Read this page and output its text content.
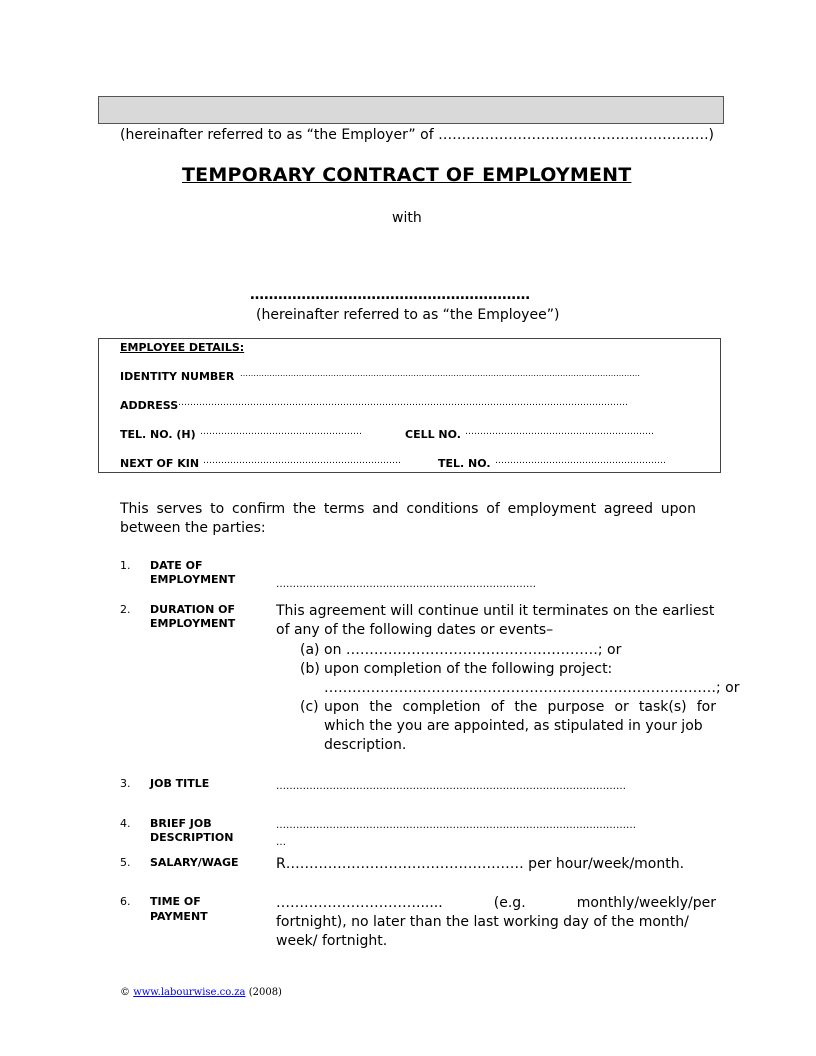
(hereinafter referred to as “the Employer” of ………………………………………………….)
TEMPORARY CONTRACT OF EMPLOYMENT
with
……………………………………………………
(hereinafter referred to as “the Employee”)
EMPLOYEE DETAILS:
IDENTITY NUMBER ……………………………………………………………………………………………………………………………………
ADDRESS ……………………………………………………………………………………………………………………………………
TEL. NO. (H) ………………………………………………	CELL NO. ………………………………………………………
NEXT OF KIN …………………………………………………………	TEL. NO. …………………………………………………
This serves to confirm the terms and conditions of employment agreed upon
between the parties:
1. DATE OF
EMPLOYMENT	……………………………………………………………………
2. DURATION OF
EMPLOYMENT
This agreement will continue until it terminates on the earliest
of any of the following dates or events–
(a) on ………………………………………………; or
(b) upon completion of the following project:
…………………………………………………………………………; or
(c) upon the completion of the purpose or task(s) for
which the you are appointed, as stipulated in your job
description.
3. JOB TITLE	……………………………………………………………………………………………
4. BRIEF JOB
DESCRIPTION
………………………………………………………………………………………………
…
5. SALARY/WAGE	R…………………………………………… per hour/week/month.
6. TIME OF
PAYMENT
…………………………...... (e.g. monthly/weekly/per
fortnight), no later than the last working day of the month/
week/ fortnight.
© www.labourwise.co.za (2008)
